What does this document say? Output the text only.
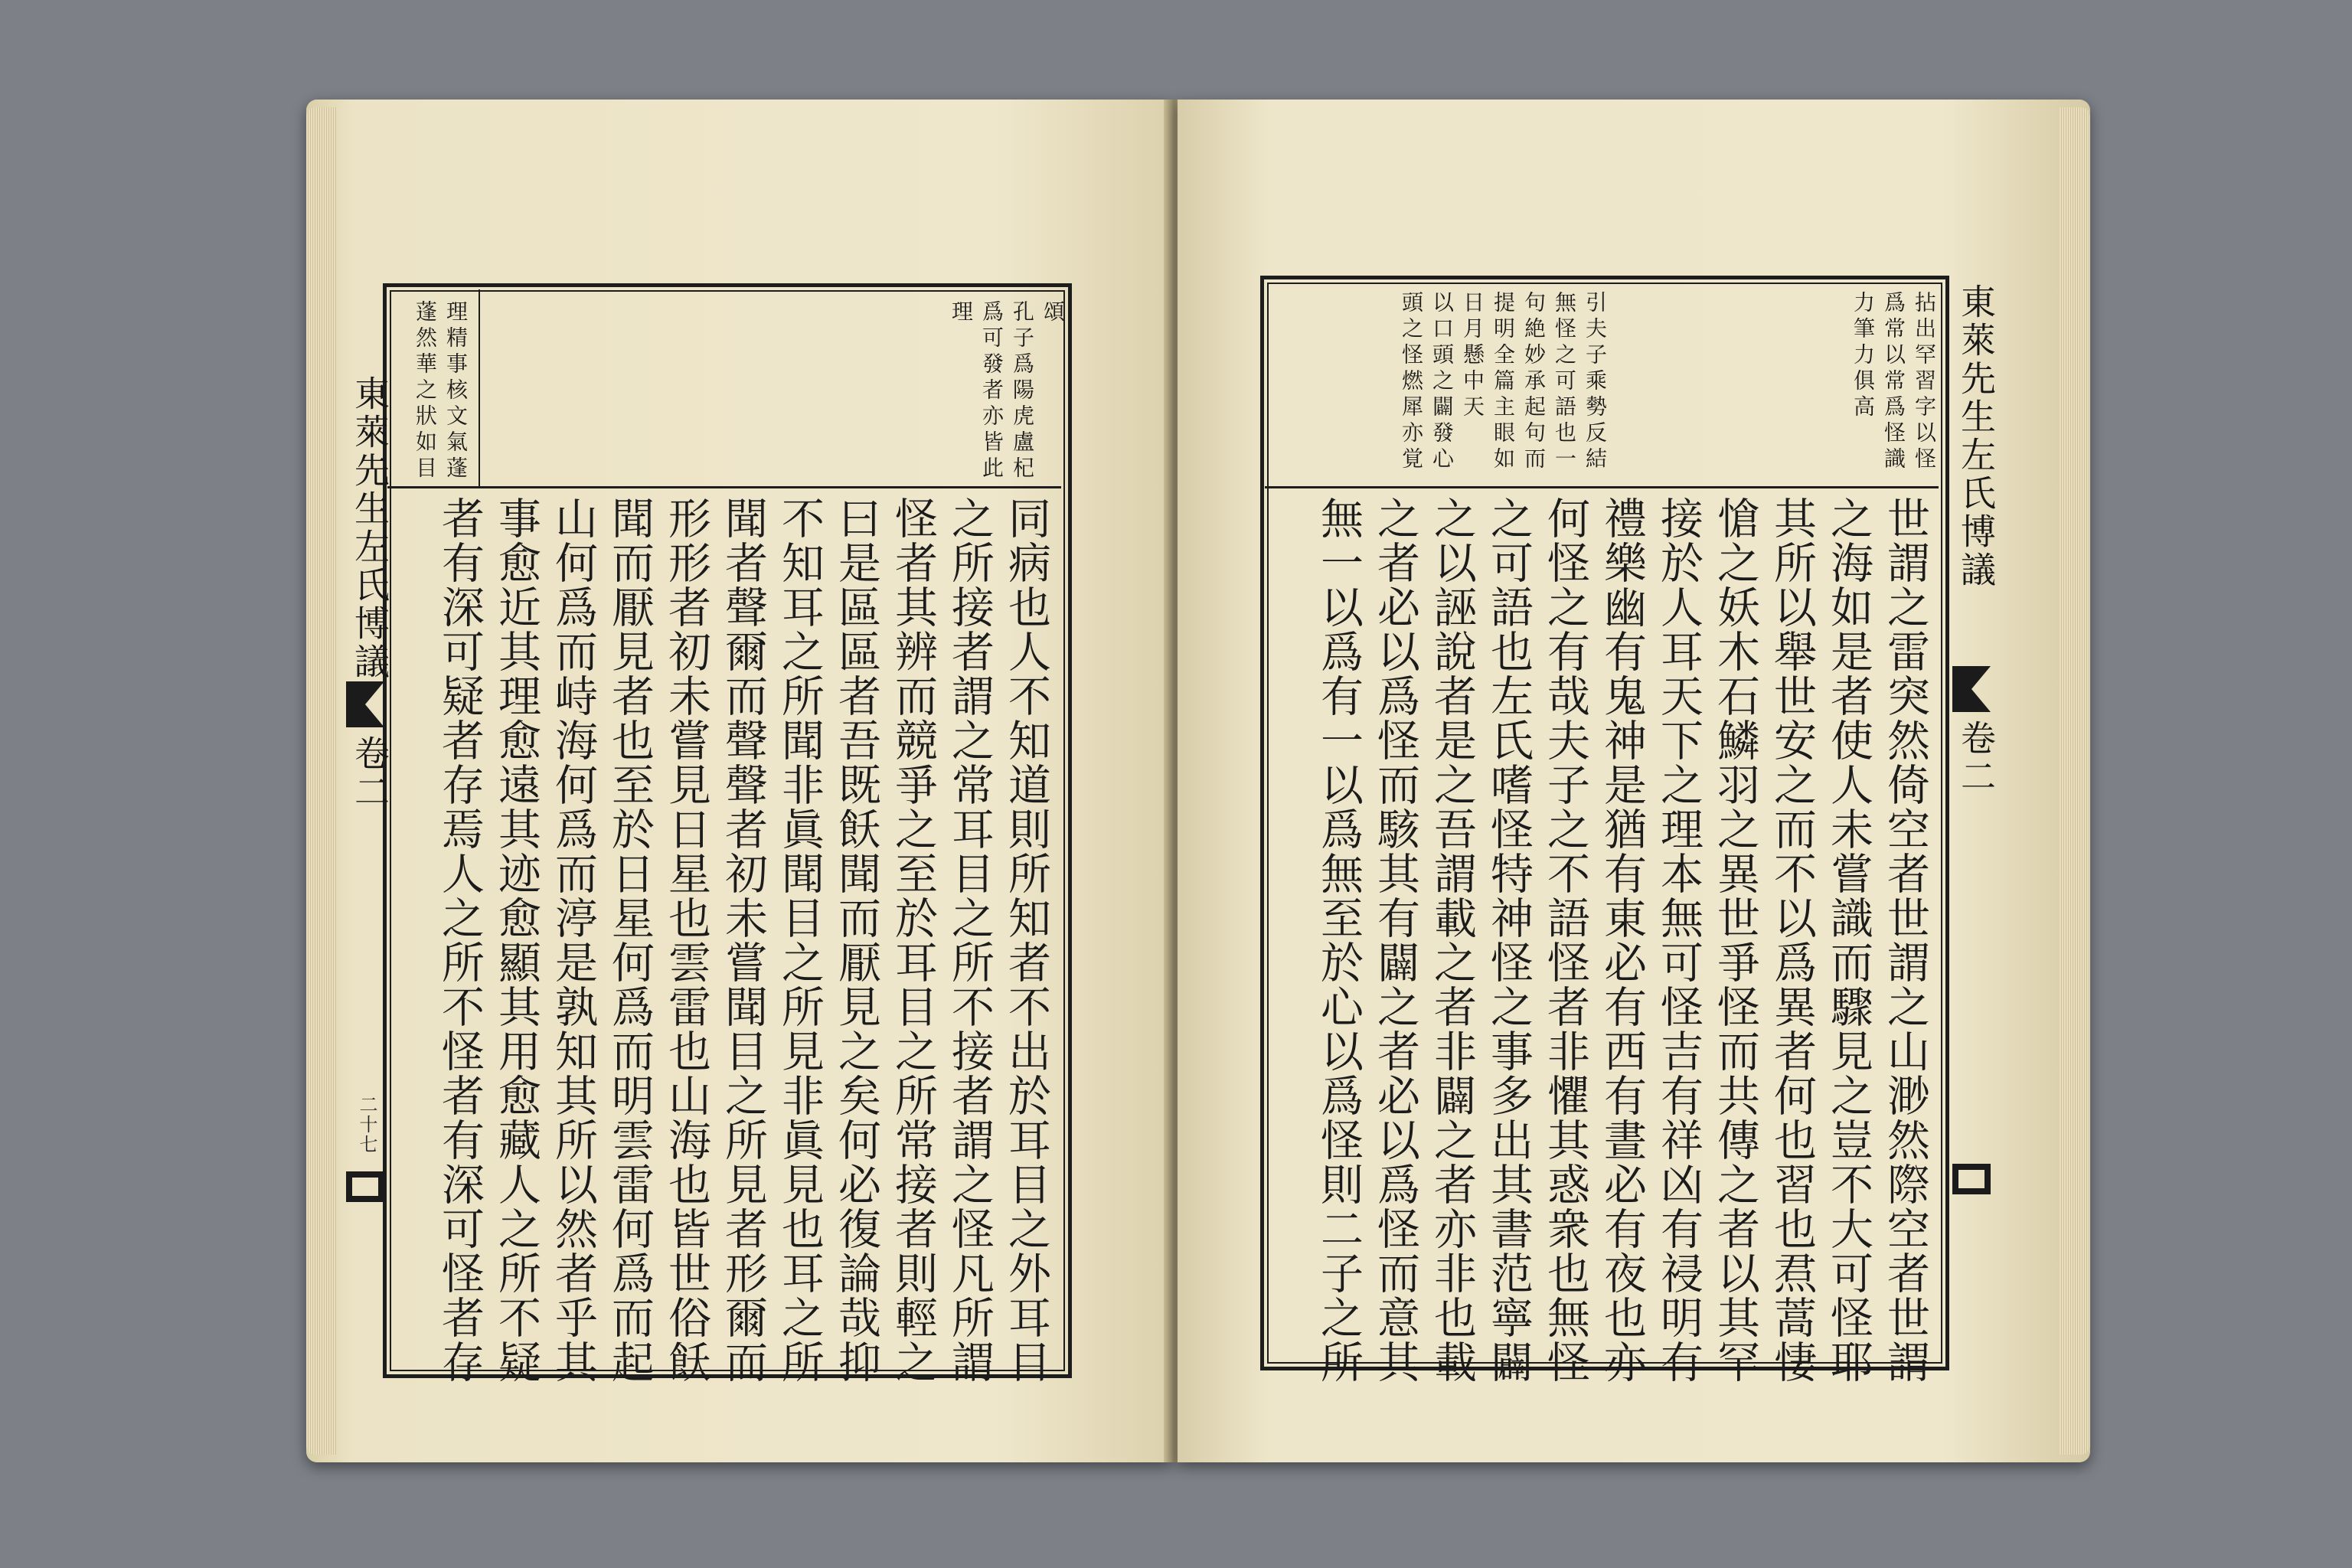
頌
孔子爲陽虎盧杞
爲可發者亦皆此
理
理精事核文氣蓬
蓬然華之狀如目
同病也人不知道則所知者不出於耳目之外耳目
之所接者謂之常耳目之所不接者謂之怪凡所謂
怪者其辨而競爭之至於耳目之所常接者則輕之
曰是區區者吾既飫聞而厭見之矣何必復論哉抑
不知耳之所聞非眞聞目之所見非眞見也耳之所
聞者聲爾而聲聲者初未嘗聞目之所見者形爾而
形形者初未嘗見日星也雲雷也山海也皆世俗飫
聞而厭見者也至於日星何爲而明雲雷何爲而起
山何爲而峙海何爲而渟是孰知其所以然者乎其
事愈近其理愈遠其迹愈顯其用愈藏人之所不疑
者有深可疑者存焉人之所不怪者有深可怪者存
東萊先生左氏博議
卷二
二十七
拈出罕習字以怪
爲常以常爲怪識
力筆力俱高
引夫子乘勢反結
無怪之可語也一
句絶妙承起句而
提明全篇主眼如
日月懸中天
以口頭之闢發心
頭之怪燃犀亦覚
世謂之雷突然倚空者世謂之山渺然際空者世謂
之海如是者使人未嘗識而驟見之豈不大可怪耶
其所以舉世安之而不以爲異者何也習也焄蒿悽
愴之妖木石鱗羽之異世爭怪而共傳之者以其罕
接於人耳天下之理本無可怪吉有祥凶有祲明有
禮樂幽有鬼神是猶有東必有西有晝必有夜也亦
何怪之有哉夫子之不語怪者非懼其惑衆也無怪
之可語也左氏嗜怪特神怪之事多出其書范寧闢
之以誣說者是之吾謂載之者非闢之者亦非也載
之者必以爲怪而駭其有闢之者必以爲怪而意其
無一以爲有一以爲無至於心以爲怪則二子之所
東萊先生左氏博議
卷二
